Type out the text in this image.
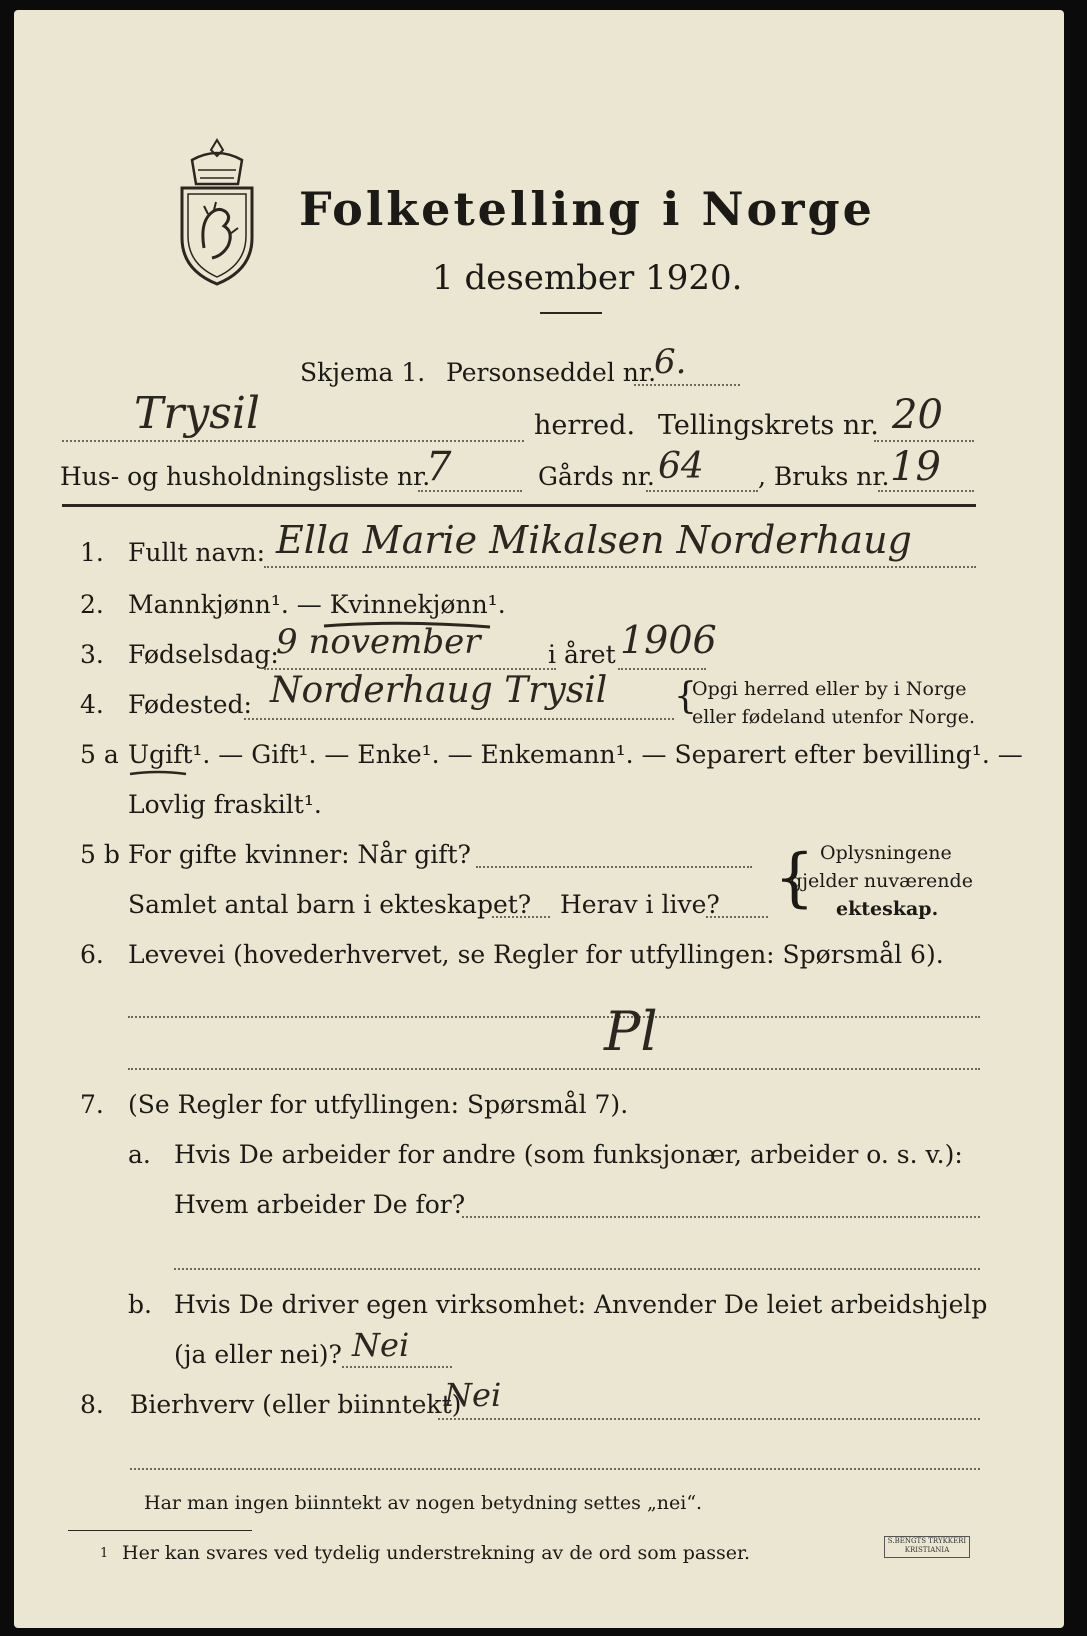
Folketelling i Norge
1 desember 1920.
Skjema 1. Personseddel nr.
6.
Trysil	herred. Tellingskrets nr. 20
Hus- og husholdningsliste nr.
7	Gårds nr. 64 , Bruks nr. 19
1. Fullt navn: Ella Marie Mikalsen Norderhaug
2. Mannkjønn¹. — Kvinnekjønn¹.
3. Fødselsdag:
9 november	i året 1906
4. Fødested: Norderhaug Trysil {
Opgi herred eller by i Norge
eller fødeland utenfor Norge.
5 a Ugift¹. — Gift¹. — Enke¹. — Enkemann¹. — Separert efter bevilling¹. —
Lovlig fraskilt¹.
5 b For gifte kvinner: Når gift?
Samlet antal barn i ekteskapet? Herav i live? { Oplysningene
gjelder nuværende
ekteskap.
6. Levevei (hovederhvervet, se Regler for utfyllingen: Spørsmål 6).
Pl
7. (Se Regler for utfyllingen: Spørsmål 7).
a. Hvis De arbeider for andre (som funksjonær, arbeider o. s. v.):
Hvem arbeider De for?
b. Hvis De driver egen virksomhet: Anvender De leiet arbeidshjelp
(ja eller nei)? Nei
8. Bierhverv (eller biinntekt)
Nei
Har man ingen biinntekt av nogen betydning settes „nei“.
1 Her kan svares ved tydelig understrekning av de ord som passer.
S.BENGTS TRYKKERI KRISTIANIA
